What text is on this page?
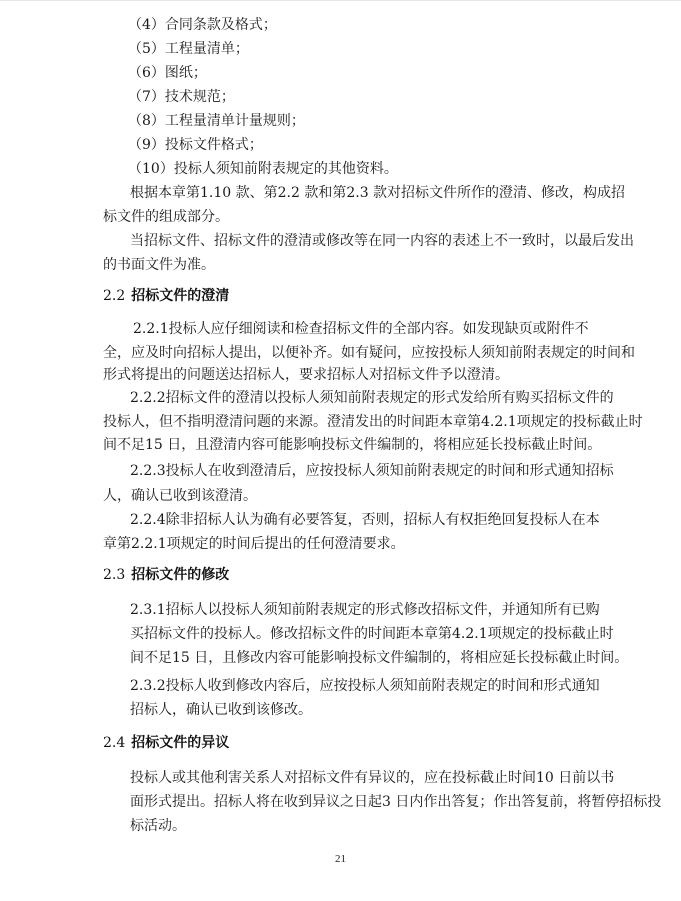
（4）合同条款及格式；
（5）工程量清单；
（6）图纸；
（7）技术规范；
（8）工程量清单计量规则；
（9）投标文件格式；
（10）投标人须知前附表规定的其他资料。
根据本章第1.10 款、第2.2 款和第2.3 款对招标文件所作的澄清、修改，构成招
标文件的组成部分。
当招标文件、招标文件的澄清或修改等在同一内容的表述上不一致时，以最后发出
的书面文件为准。
2.2 招标文件的澄清
2.2.1投标人应仔细阅读和检查招标文件的全部内容。如发现缺页或附件不
全，应及时向招标人提出，以便补齐。如有疑问，应按投标人须知前附表规定的时间和
形式将提出的问题送达招标人，要求招标人对招标文件予以澄清。
2.2.2招标文件的澄清以投标人须知前附表规定的形式发给所有购买招标文件的
投标人，但不指明澄清问题的来源。澄清发出的时间距本章第4.2.1项规定的投标截止时
间不足15 日，且澄清内容可能影响投标文件编制的，将相应延长投标截止时间。
2.2.3投标人在收到澄清后，应按投标人须知前附表规定的时间和形式通知招标
人，确认已收到该澄清。
2.2.4除非招标人认为确有必要答复，否则，招标人有权拒绝回复投标人在本
章第2.2.1项规定的时间后提出的任何澄清要求。
2.3 招标文件的修改
2.3.1招标人以投标人须知前附表规定的形式修改招标文件，并通知所有已购
买招标文件的投标人。修改招标文件的时间距本章第4.2.1项规定的投标截止时
间不足15 日，且修改内容可能影响投标文件编制的，将相应延长投标截止时间。
2.3.2投标人收到修改内容后，应按投标人须知前附表规定的时间和形式通知
招标人，确认已收到该修改。
2.4 招标文件的异议
投标人或其他利害关系人对招标文件有异议的，应在投标截止时间10 日前以书
面形式提出。招标人将在收到异议之日起3 日内作出答复；作出答复前，将暂停招标投
标活动。
21
